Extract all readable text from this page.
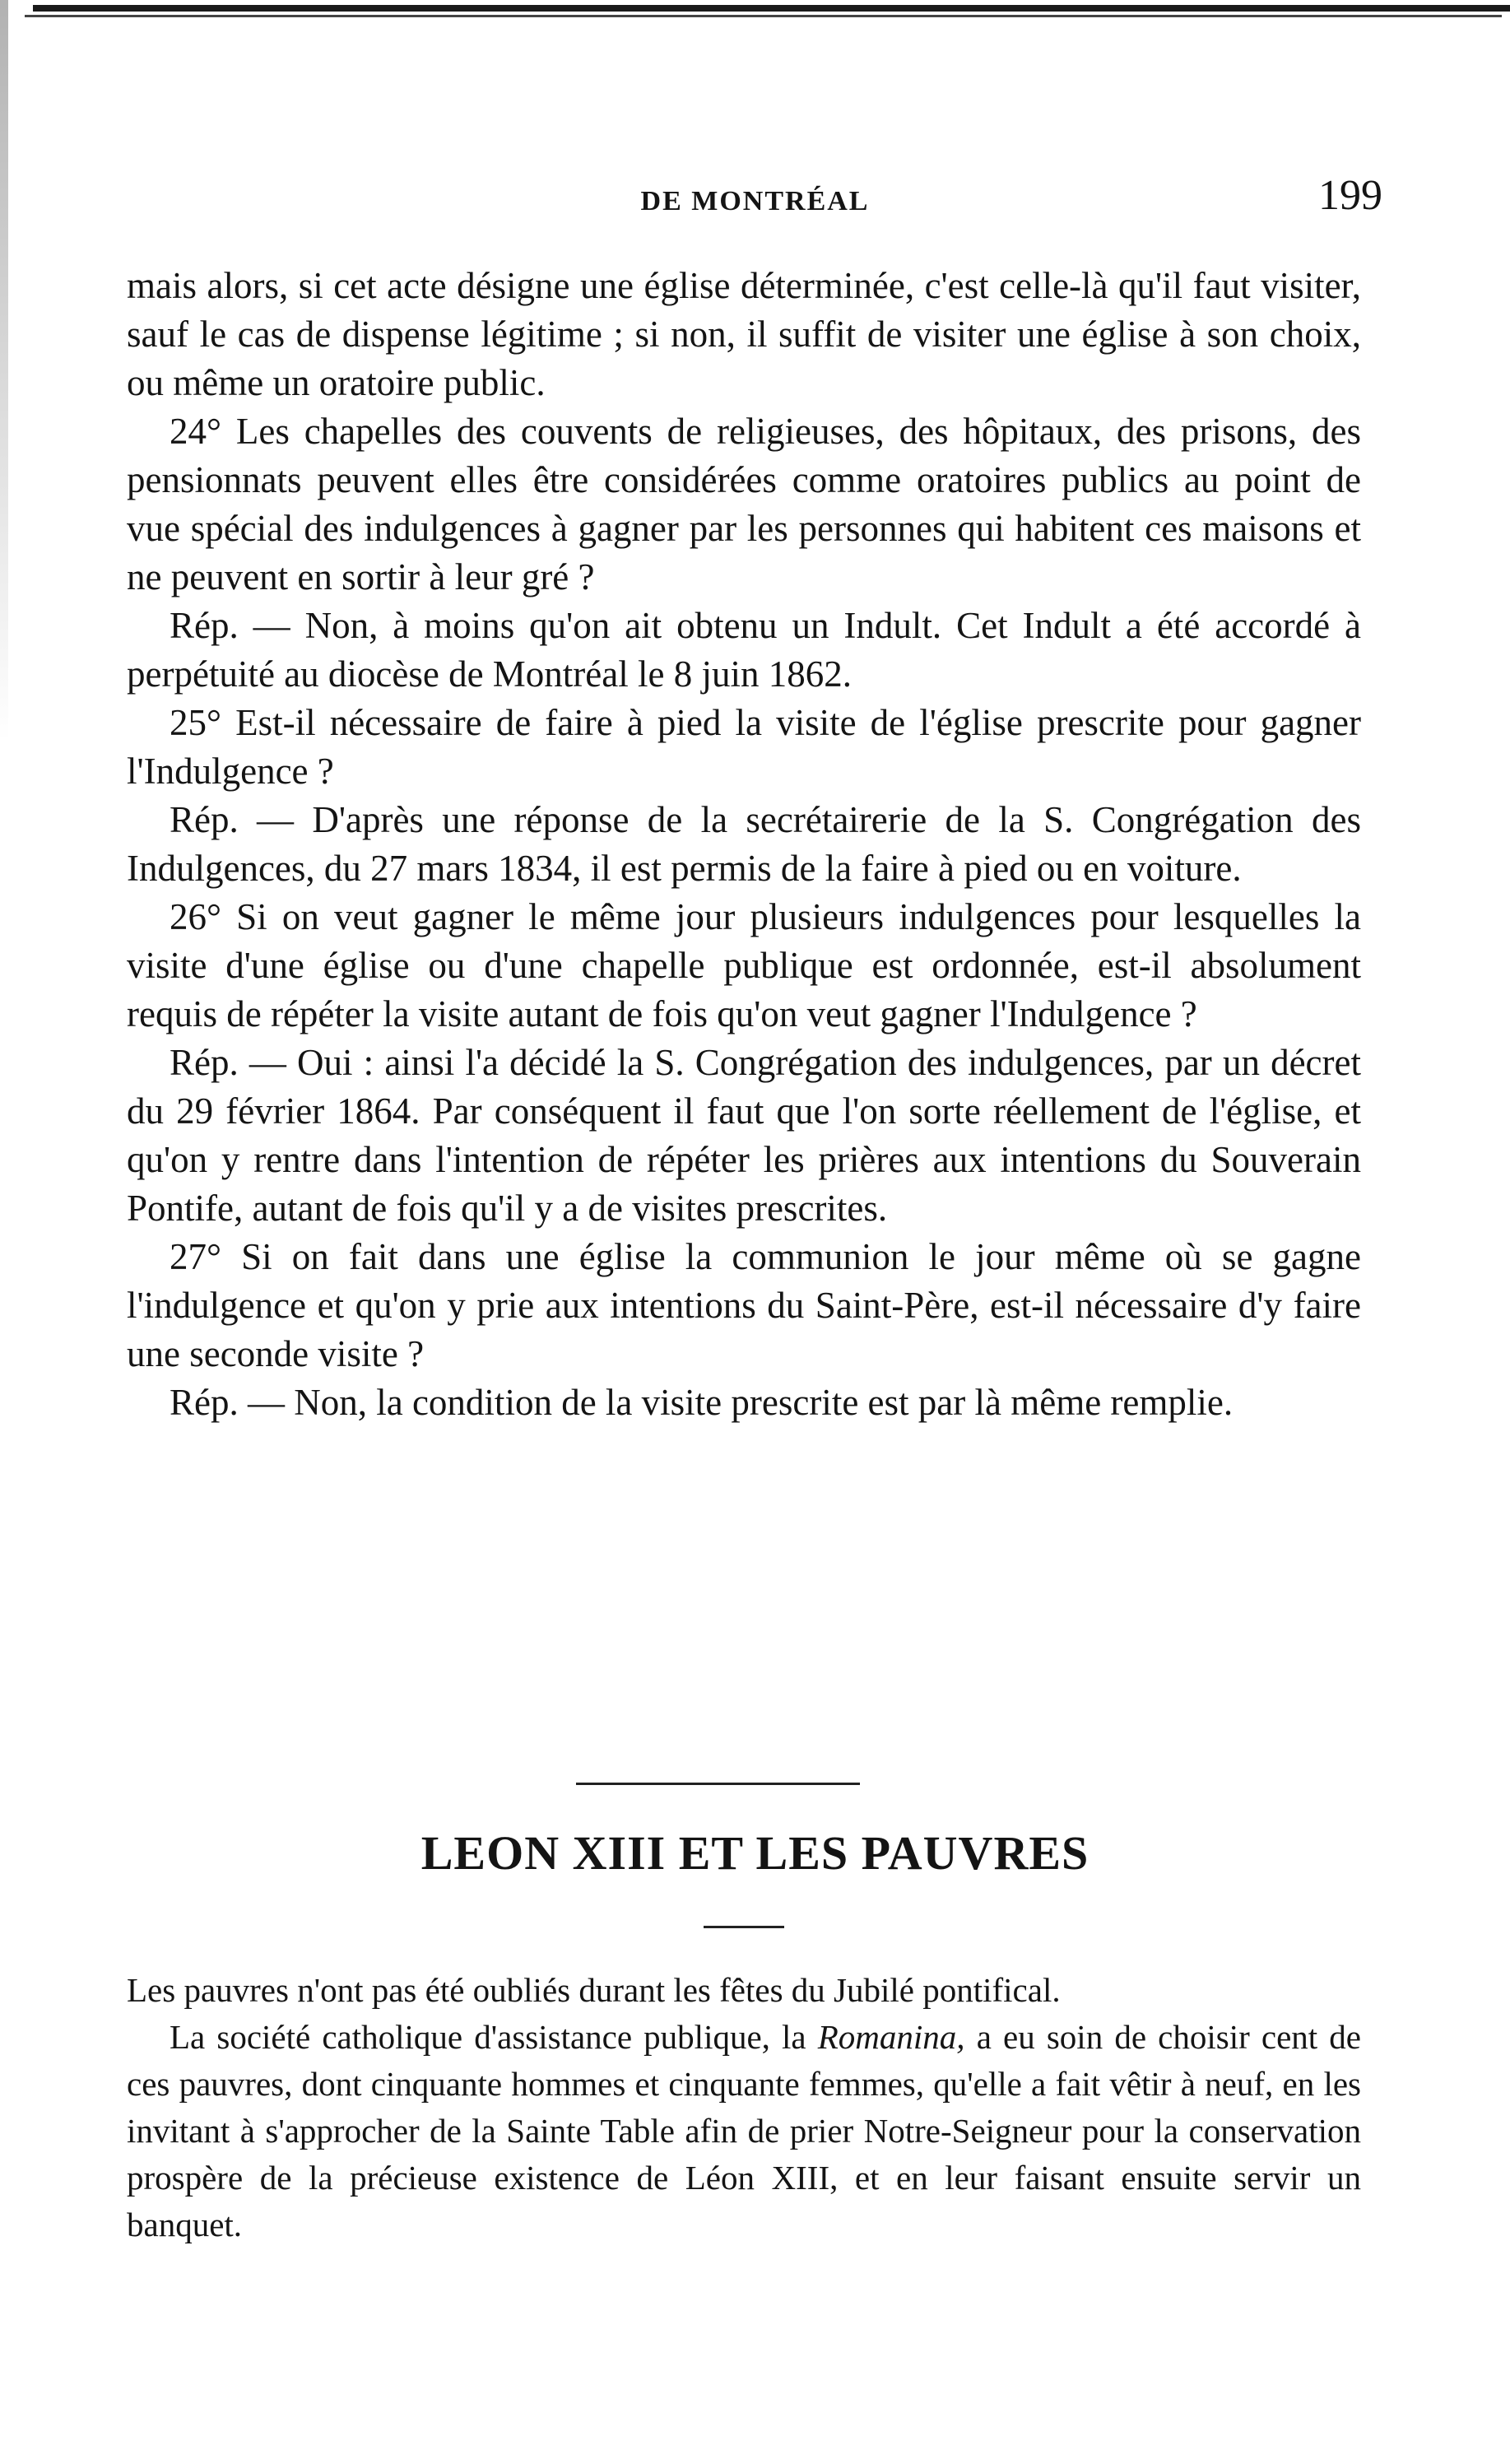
DE MONTRÉAL	199

mais alors, si cet acte désigne une église déterminée, c'est celle-là qu'il faut visiter, sauf le cas de dispense légitime ; si non, il suffit de visiter une église à son choix, ou même un oratoire public.

24° Les chapelles des couvents de religieuses, des hôpitaux, des prisons, des pensionnats peuvent elles être considérées comme oratoires publics au point de vue spécial des indulgences à gagner par les personnes qui habitent ces maisons et ne peuvent en sortir à leur gré ?

Rép. — Non, à moins qu'on ait obtenu un Indult. Cet Indult a été accordé à perpétuité au diocèse de Montréal le 8 juin 1862.

25° Est-il nécessaire de faire à pied la visite de l'église prescrite pour gagner l'Indulgence ?

Rép. — D'après une réponse de la secrétairerie de la S. Congrégation des Indulgences, du 27 mars 1834, il est permis de la faire à pied ou en voiture.

26° Si on veut gagner le même jour plusieurs indulgences pour lesquelles la visite d'une église ou d'une chapelle publique est ordonnée, est-il absolument requis de répéter la visite autant de fois qu'on veut gagner l'Indulgence ?

Rép. — Oui : ainsi l'a décidé la S. Congrégation des indulgences, par un décret du 29 février 1864. Par conséquent il faut que l'on sorte réellement de l'église, et qu'on y rentre dans l'intention de répéter les prières aux intentions du Souverain Pontife, autant de fois qu'il y a de visites prescrites.

27° Si on fait dans une église la communion le jour même où se gagne l'indulgence et qu'on y prie aux intentions du Saint-Père, est-il nécessaire d'y faire une seconde visite ?

Rép. — Non, la condition de la visite prescrite est par là même remplie.

LEON XIII ET LES PAUVRES

Les pauvres n'ont pas été oubliés durant les fêtes du Jubilé pontifical.

La société catholique d'assistance publique, la Romanina, a eu soin de choisir cent de ces pauvres, dont cinquante hommes et cinquante femmes, qu'elle a fait vêtir à neuf, en les invitant à s'approcher de la Sainte Table afin de prier Notre-Seigneur pour la conservation prospère de la précieuse existence de Léon XIII, et en leur faisant ensuite servir un banquet.
